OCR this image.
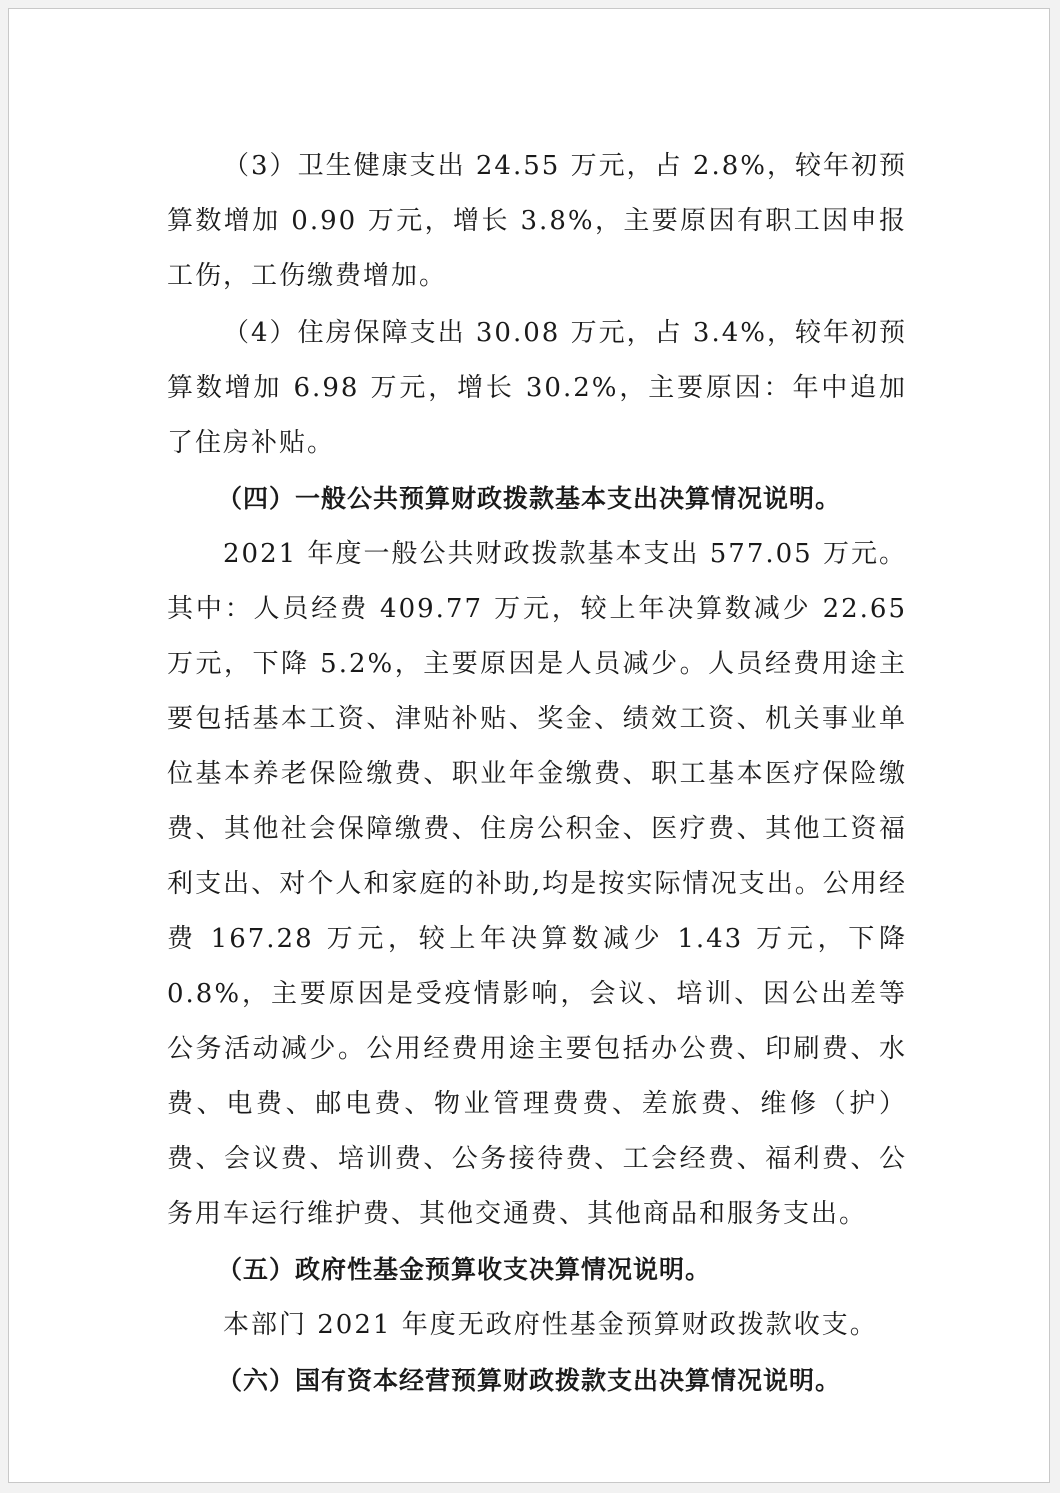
（3）卫生健康支出 24.55 万元，占 2.8%，较年初预算数增加 0.90 万元，增长 3.8%，主要原因有职工因申报工伤，工伤缴费增加。

（4）住房保障支出 30.08 万元，占 3.4%，较年初预算数增加 6.98 万元，增长 30.2%，主要原因：年中追加了住房补贴。

（四）一般公共预算财政拨款基本支出决算情况说明。

2021 年度一般公共财政拨款基本支出 577.05 万元。其中：人员经费 409.77 万元，较上年决算数减少 22.65 万元，下降 5.2%，主要原因是人员减少。人员经费用途主要包括基本工资、津贴补贴、奖金、绩效工资、机关事业单位基本养老保险缴费、职业年金缴费、职工基本医疗保险缴费、其他社会保障缴费、住房公积金、医疗费、其他工资福利支出、对个人和家庭的补助,均是按实际情况支出。公用经费 167.28 万元，较上年决算数减少 1.43 万元，下降 0.8%，主要原因是受疫情影响，会议、培训、因公出差等公务活动减少。公用经费用途主要包括办公费、印刷费、水费、电费、邮电费、物业管理费费、差旅费、维修（护）费、会议费、培训费、公务接待费、工会经费、福利费、公务用车运行维护费、其他交通费、其他商品和服务支出。

（五）政府性基金预算收支决算情况说明。

本部门 2021 年度无政府性基金预算财政拨款收支。

（六）国有资本经营预算财政拨款支出决算情况说明。
